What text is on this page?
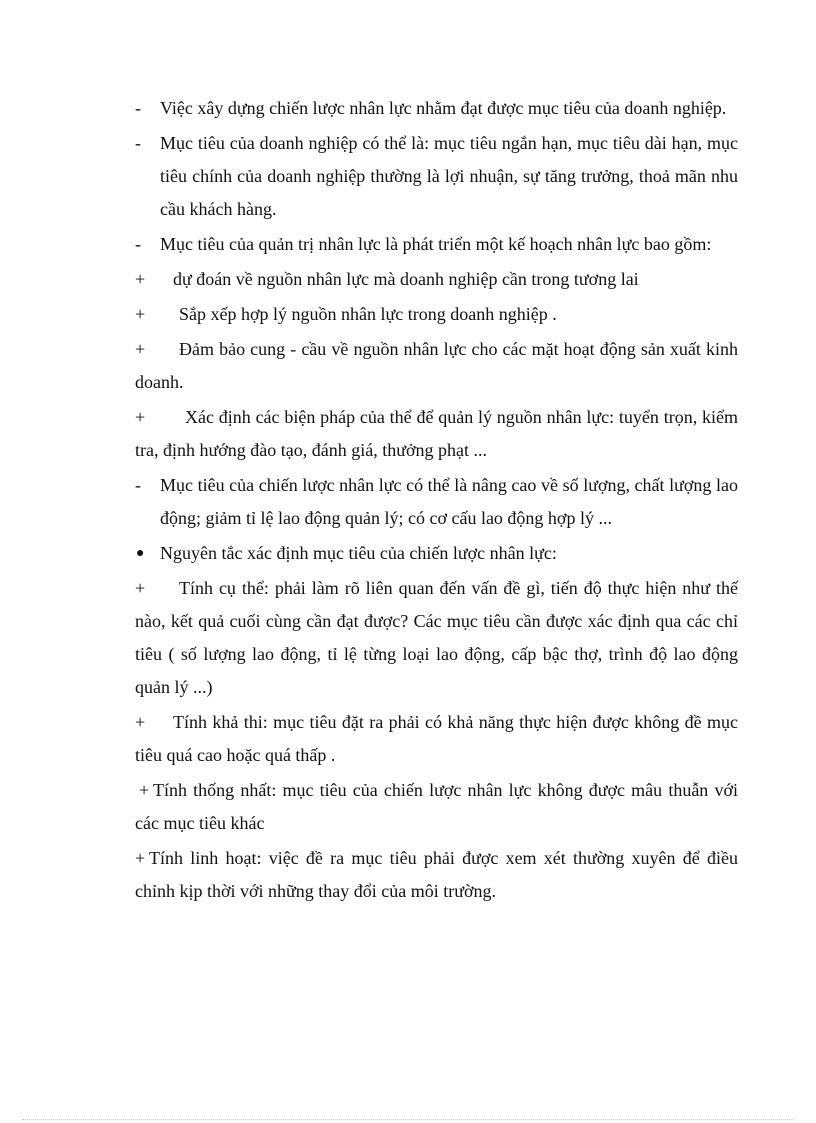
- Việc xây dựng chiến lược nhân lực nhằm đạt được mục tiêu của doanh nghiệp.

- Mục tiêu của doanh nghiệp có thể là: mục tiêu ngắn hạn, mục tiêu dài hạn, mục tiêu chính của doanh nghiệp thường là lợi nhuận, sự tăng trưởng, thoả mãn nhu cầu khách hàng.

- Mục tiêu của quản trị nhân lực là phát triển một kế hoạch nhân lực bao gồm:

+ dự đoán về nguồn nhân lực mà doanh nghiệp cần trong tương lai

+ Sắp xếp hợp lý nguồn nhân lực trong doanh nghiệp .

+ Đảm bảo cung - cầu về nguồn nhân lực cho các mặt hoạt động sản xuất kinh doanh.

+ Xác định các biện pháp của thể để quản lý nguồn nhân lực: tuyển trọn, kiểm tra, định hướng đào tạo, đánh giá, thưởng phạt ...

- Mục tiêu của chiến lược nhân lực có thể là nâng cao về số lượng, chất lượng lao động; giảm tỉ lệ lao động quản lý; có cơ cấu lao động hợp lý ...

● Nguyên tắc xác định mục tiêu của chiến lược nhân lực:

+ Tính cụ thể: phải làm rõ liên quan đến vấn đề gì, tiến độ thực hiện như thế nào, kết quả cuối cùng cần đạt được? Các mục tiêu cần được xác định qua các chỉ tiêu ( số lượng lao động, tỉ lệ từng loại lao động, cấp bậc thợ, trình độ lao động quản lý ...)

+ Tính khả thi: mục tiêu đặt ra phải có khả năng thực hiện được không đề mục tiêu quá cao hoặc quá thấp .

+ Tính thống nhất: mục tiêu của chiến lược nhân lực không được mâu thuẫn với các mục tiêu khác

+ Tính linh hoạt: việc đề ra mục tiêu phải được xem xét thường xuyên để điều chỉnh kịp thời với những thay đổi của môi trường.
